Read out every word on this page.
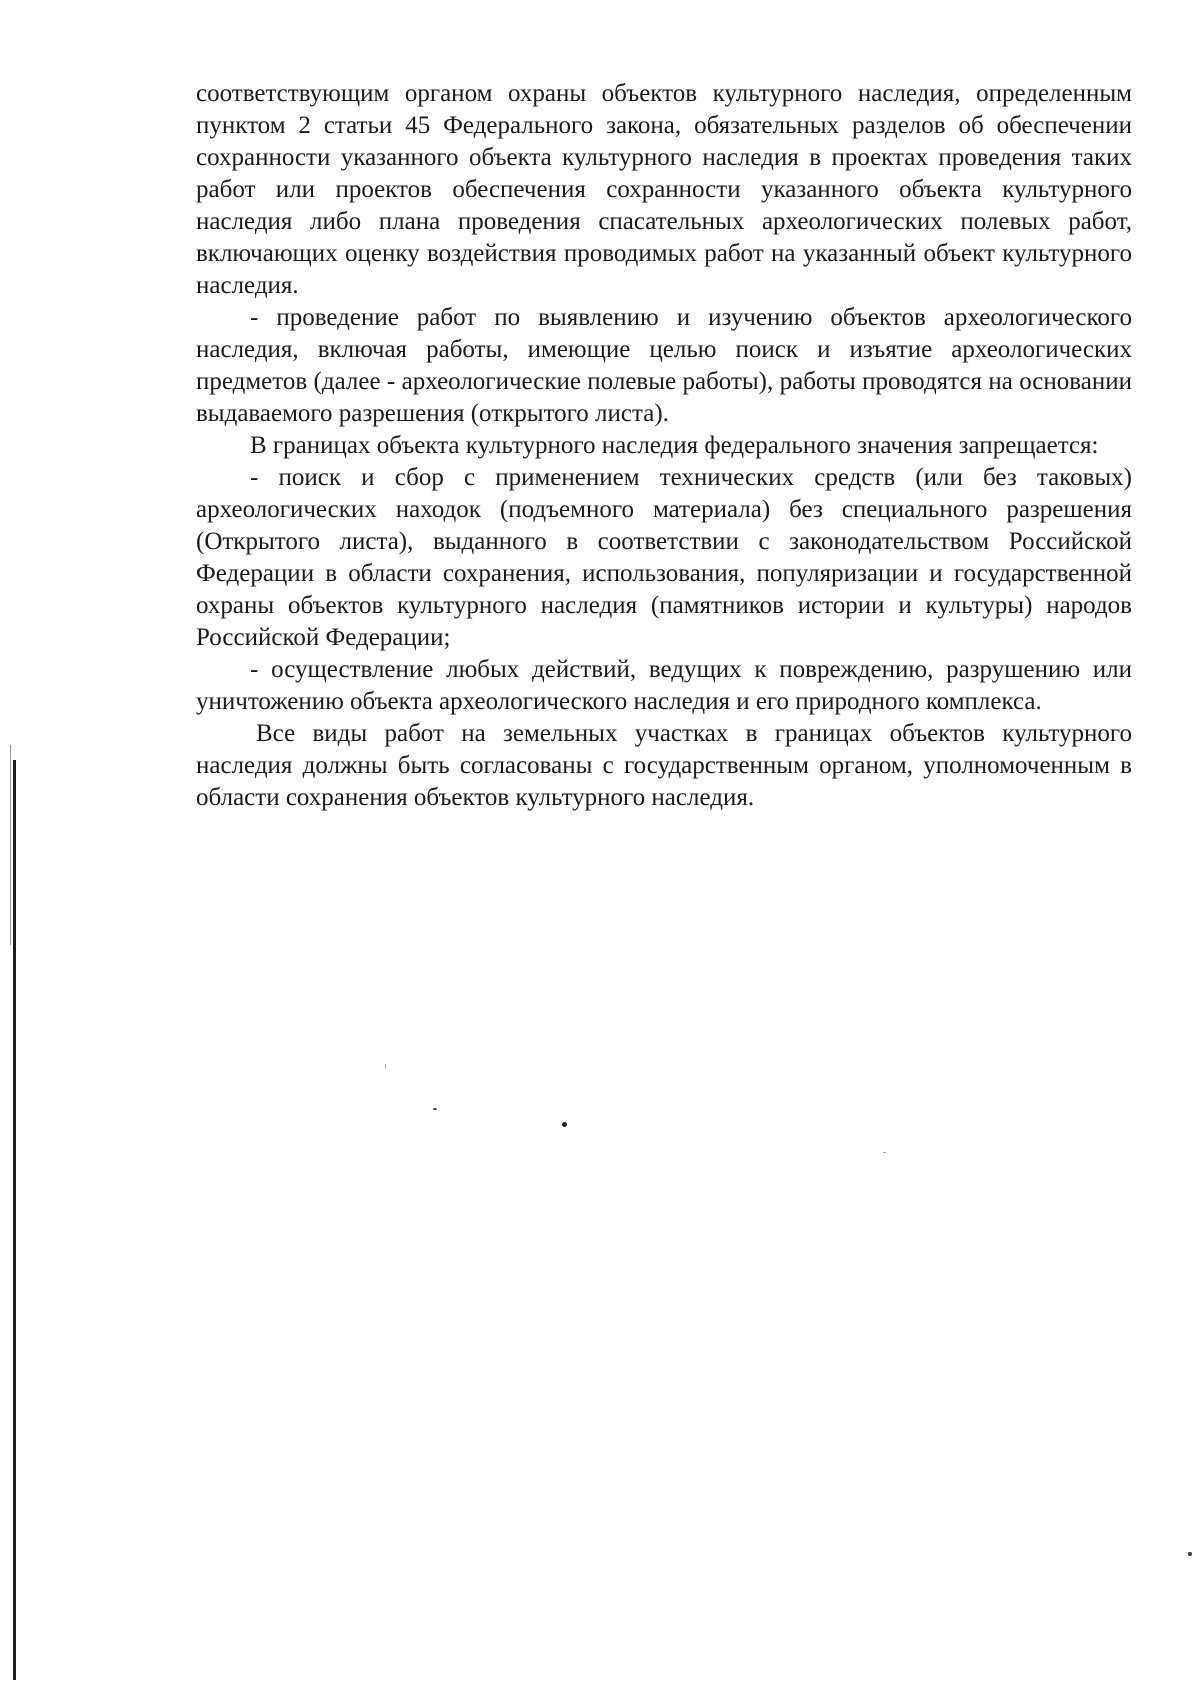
соответствующим органом охраны объектов культурного наследия, определенным пунктом 2 статьи 45 Федерального закона, обязательных разделов об обеспечении сохранности указанного объекта культурного наследия в проектах проведения таких работ или проектов обеспечения сохранности указанного объекта культурного наследия либо плана проведения спасательных археологических полевых работ, включающих оценку воздействия проводимых работ на указанный объект культурного наследия.

- проведение работ по выявлению и изучению объектов археологического наследия, включая работы, имеющие целью поиск и изъятие археологических предметов (далее - археологические полевые работы), работы проводятся на основании выдаваемого разрешения (открытого листа).

В границах объекта культурного наследия федерального значения запрещается:

- поиск и сбор с применением технических средств (или без таковых) археологических находок (подъемного материала) без специального разрешения (Открытого листа), выданного в соответствии с законодательством Российской Федерации в области сохранения, использования, популяризации и государственной охраны объектов культурного наследия (памятников истории и культуры) народов Российской Федерации;

- осуществление любых действий, ведущих к повреждению, разрушению или уничтожению объекта археологического наследия и его природного комплекса.

Все виды работ на земельных участках в границах объектов культурного наследия должны быть согласованы с государственным органом, уполномоченным в области сохранения объектов культурного наследия.
